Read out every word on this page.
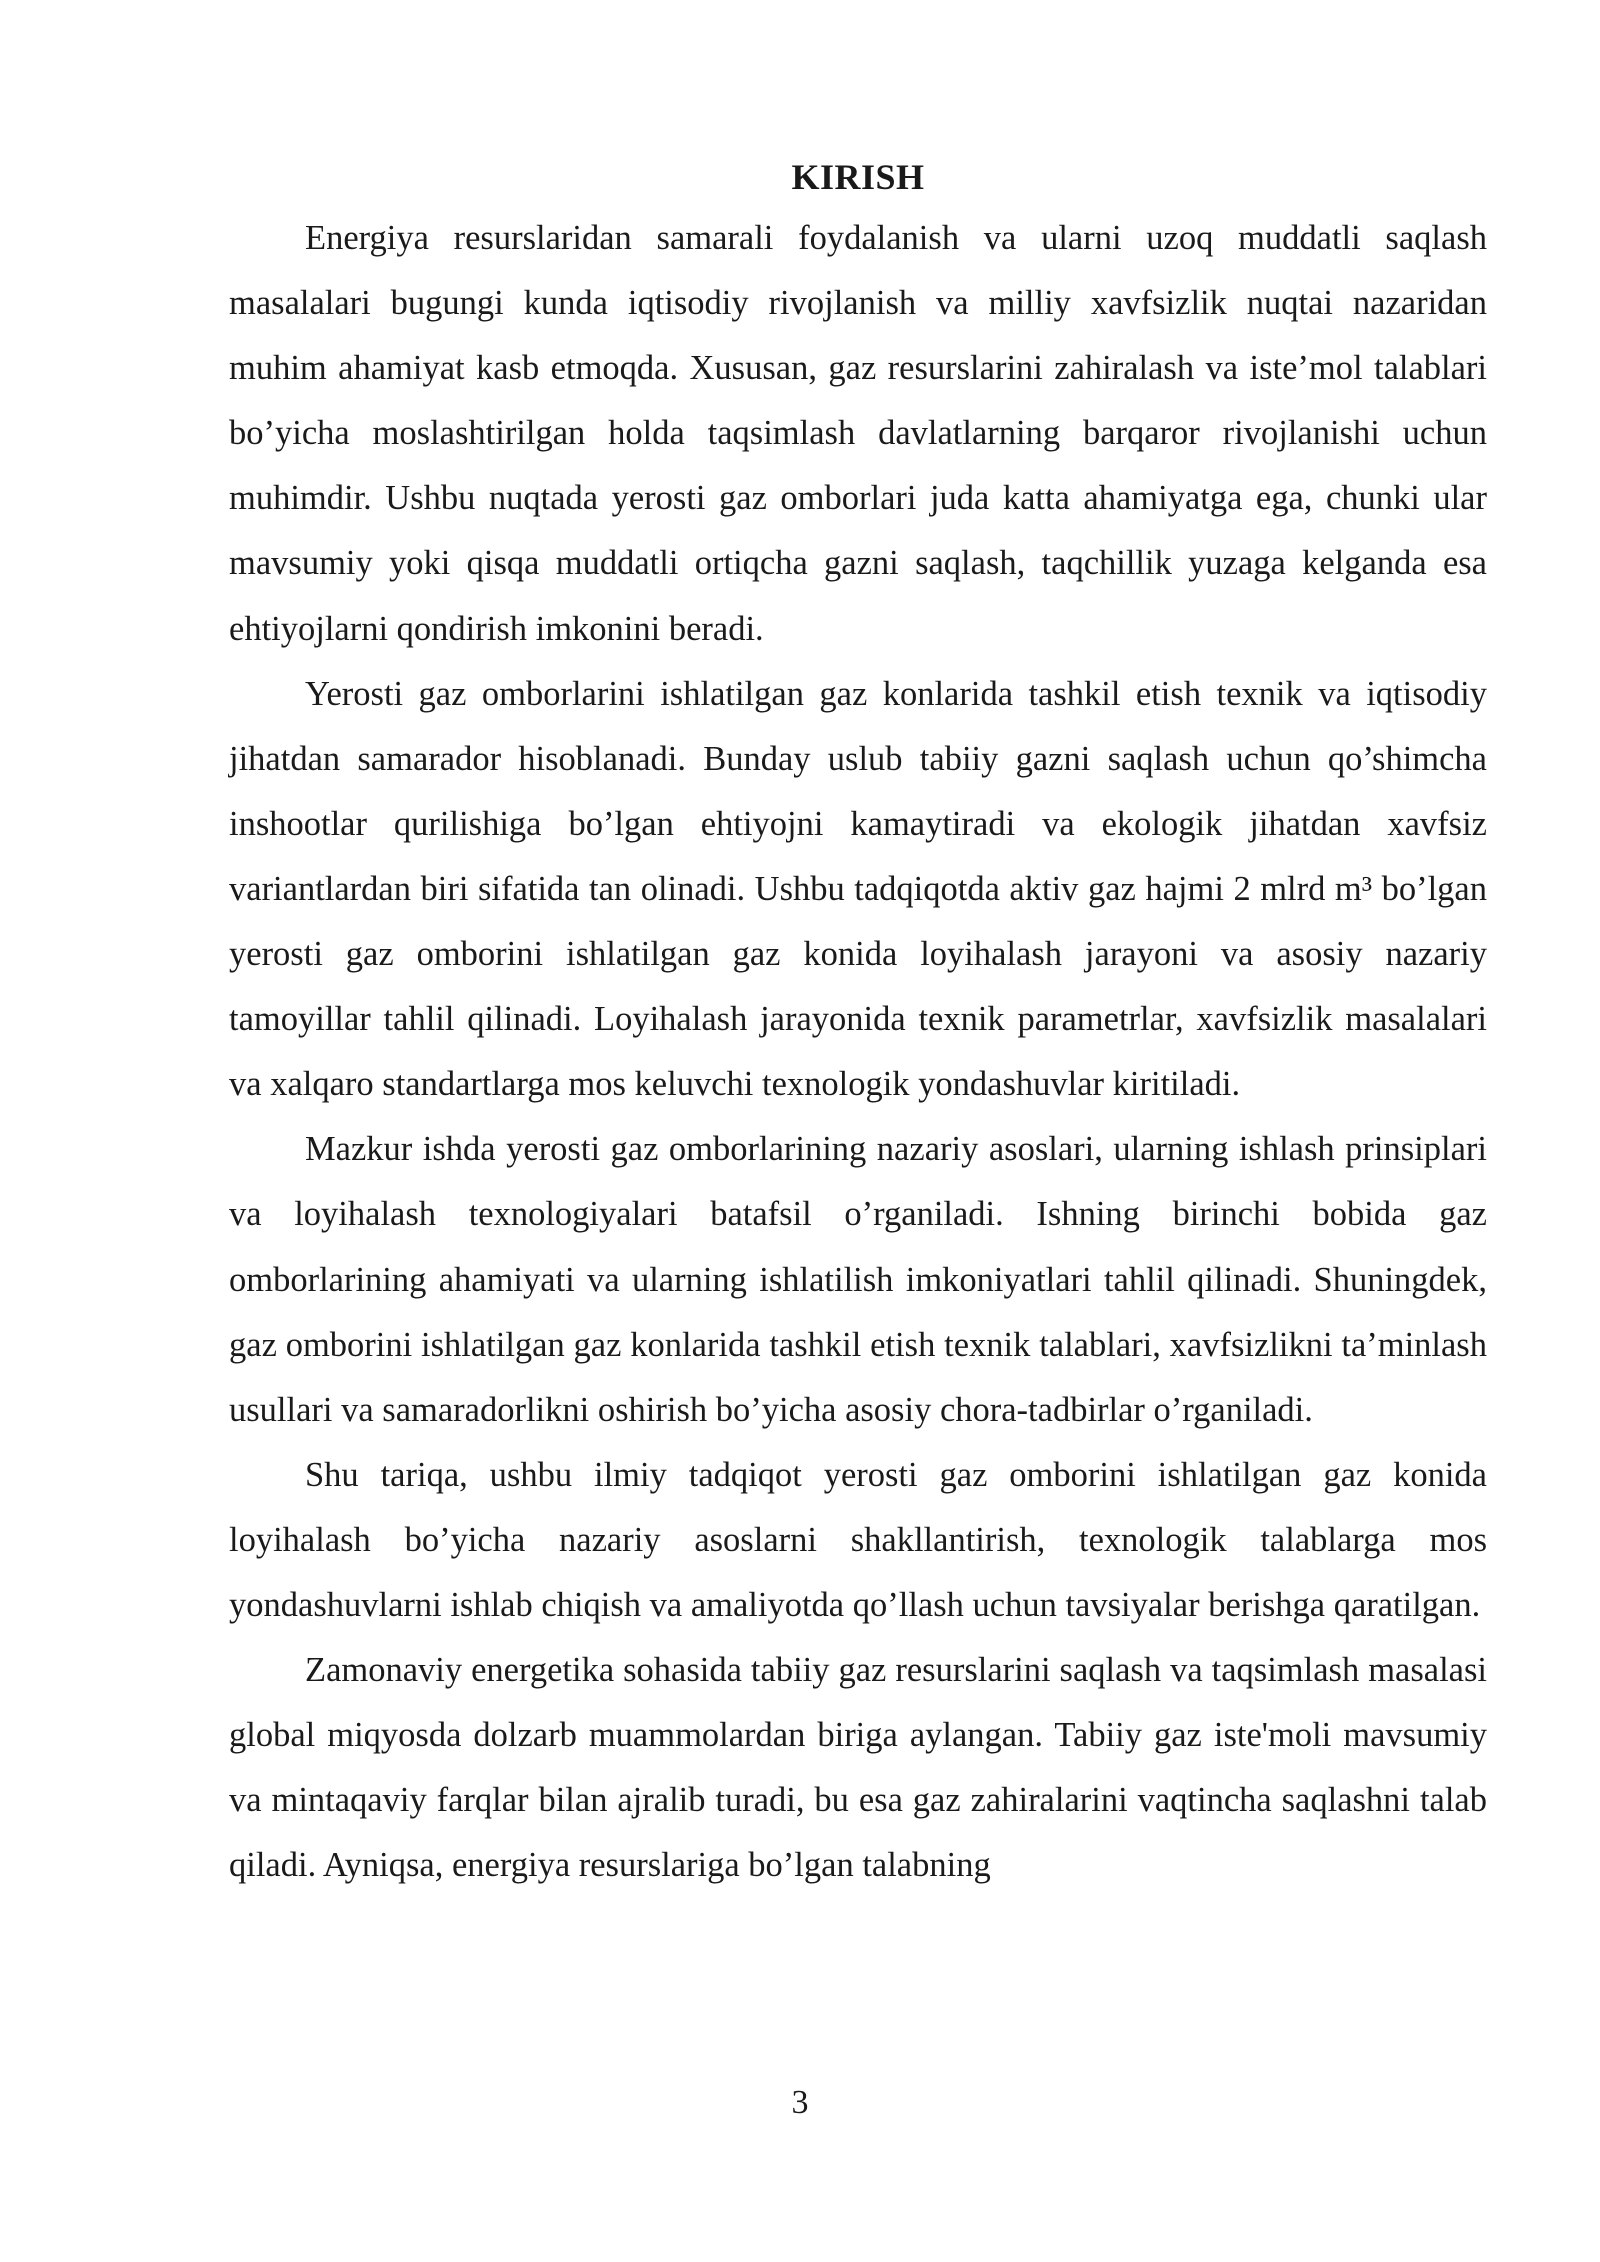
KIRISH

Energiya resurslaridan samarali foydalanish va ularni uzoq muddatli saqlash masalalari bugungi kunda iqtisodiy rivojlanish va milliy xavfsizlik nuqtai nazaridan muhim ahamiyat kasb etmoqda. Xususan, gaz resurslarini zahiralash va iste’mol talablari bo’yicha moslashtirilgan holda taqsimlash davlatlarning barqaror rivojlanishi uchun muhimdir. Ushbu nuqtada yerosti gaz omborlari juda katta ahamiyatga ega, chunki ular mavsumiy yoki qisqa muddatli ortiqcha gazni saqlash, taqchillik yuzaga kelganda esa ehtiyojlarni qondirish imkonini beradi.

Yerosti gaz omborlarini ishlatilgan gaz konlarida tashkil etish texnik va iqtisodiy jihatdan samarador hisoblanadi. Bunday uslub tabiiy gazni saqlash uchun qo’shimcha inshootlar qurilishiga bo’lgan ehtiyojni kamaytiradi va ekologik jihatdan xavfsiz variantlardan biri sifatida tan olinadi. Ushbu tadqiqotda aktiv gaz hajmi 2 mlrd m³ bo’lgan yerosti gaz omborini ishlatilgan gaz konida loyihalash jarayoni va asosiy nazariy tamoyillar tahlil qilinadi. Loyihalash jarayonida texnik parametrlar, xavfsizlik masalalari va xalqaro standartlarga mos keluvchi texnologik yondashuvlar kiritiladi.

Mazkur ishda yerosti gaz omborlarining nazariy asoslari, ularning ishlash prinsiplari va loyihalash texnologiyalari batafsil o’rganiladi. Ishning birinchi bobida gaz omborlarining ahamiyati va ularning ishlatilish imkoniyatlari tahlil qilinadi. Shuningdek, gaz omborini ishlatilgan gaz konlarida tashkil etish texnik talablari, xavfsizlikni ta’minlash usullari va samaradorlikni oshirish bo’yicha asosiy chora-tadbirlar o’rganiladi.

Shu tariqa, ushbu ilmiy tadqiqot yerosti gaz omborini ishlatilgan gaz konida loyihalash bo’yicha nazariy asoslarni shakllantirish, texnologik talablarga mos yondashuvlarni ishlab chiqish va amaliyotda qo’llash uchun tavsiyalar berishga qaratilgan.

Zamonaviy energetika sohasida tabiiy gaz resurslarini saqlash va taqsimlash masalasi global miqyosda dolzarb muammolardan biriga aylangan. Tabiiy gaz iste'moli mavsumiy va mintaqaviy farqlar bilan ajralib turadi, bu esa gaz zahiralarini vaqtincha saqlashni talab qiladi. Ayniqsa, energiya resurslariga bo’lgan talabning

3
